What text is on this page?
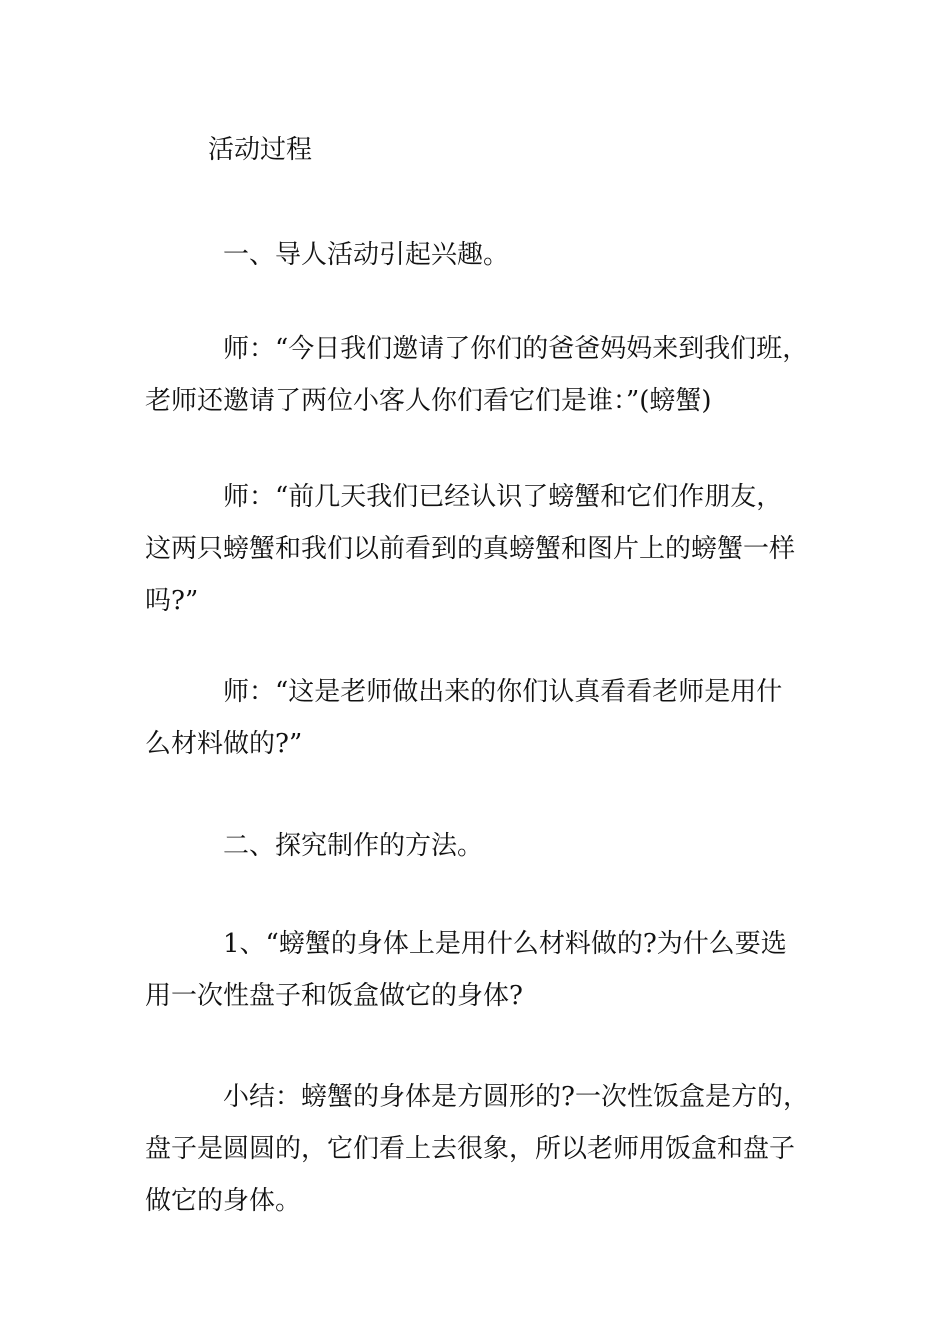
活动过程
一、导人活动引起兴趣。
师：“今日我们邀请了你们的爸爸妈妈来到我们班，
老师还邀请了两位小客人你们看它们是谁：”(螃蟹)
师：“前几天我们已经认识了螃蟹和它们作朋友，
这两只螃蟹和我们以前看到的真螃蟹和图片上的螃蟹一样
吗?”
师：“这是老师做出来的你们认真看看老师是用什
么材料做的?”
二、探究制作的方法。
1、“螃蟹的身体上是用什么材料做的?为什么要选
用一次性盘子和饭盒做它的身体?
小结：螃蟹的身体是方圆形的?一次性饭盒是方的，
盘子是圆圆的，它们看上去很象，所以老师用饭盒和盘子
做它的身体。
